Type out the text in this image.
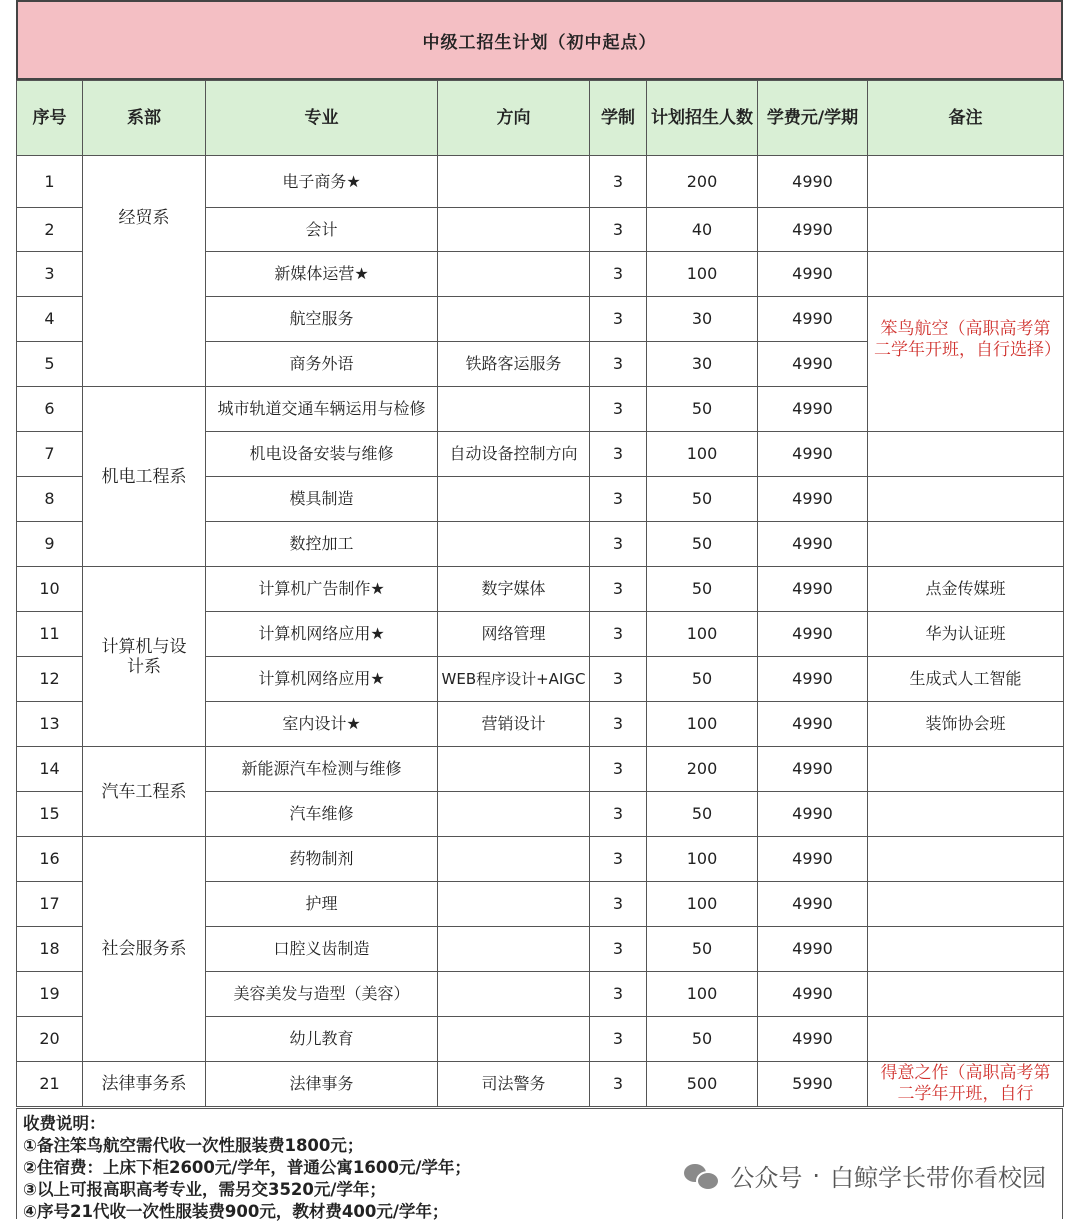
中级工招生计划（初中起点）
序号	系部	专业	方向	学制	计划招生人数	学费元/学期	备注
1	经贸系	电子商务★		3	200	4990	
2		会计		3	40	4990	
3		新媒体运营★		3	100	4990	
4		航空服务		3	30	4990	笨鸟航空（高职高考第二学年开班，自行选择）
5		商务外语	铁路客运服务	3	30	4990	
6	机电工程系	城市轨道交通车辆运用与检修		3	50	4990	
7		机电设备安装与维修	自动设备控制方向	3	100	4990	
8		模具制造		3	50	4990	
9		数控加工		3	50	4990	
10	计算机与设计系	计算机广告制作★	数字媒体	3	50	4990	点金传媒班
11		计算机网络应用★	网络管理	3	100	4990	华为认证班
12		计算机网络应用★	WEB程序设计+AIGC	3	50	4990	生成式人工智能
13		室内设计★	营销设计	3	100	4990	装饰协会班
14	汽车工程系	新能源汽车检测与维修		3	200	4990	
15		汽车维修		3	50	4990	
16	社会服务系	药物制剂		3	100	4990	
17		护理		3	100	4990	
18		口腔义齿制造		3	50	4990	
19		美容美发与造型（美容）		3	100	4990	
20		幼儿教育		3	50	4990	
21	法律事务系	法律事务	司法警务	3	500	5990	得意之作（高职高考第二学年开班，自行
收费说明：
①备注笨鸟航空需代收一次性服装费1800元；
②住宿费：上床下柜2600元/学年，普通公寓1600元/学年；
③以上可报高职高考专业，需另交3520元/学年；
④序号21代收一次性服装费900元，教材费400元/学年；
公众号 · 白鲸学长带你看校园
